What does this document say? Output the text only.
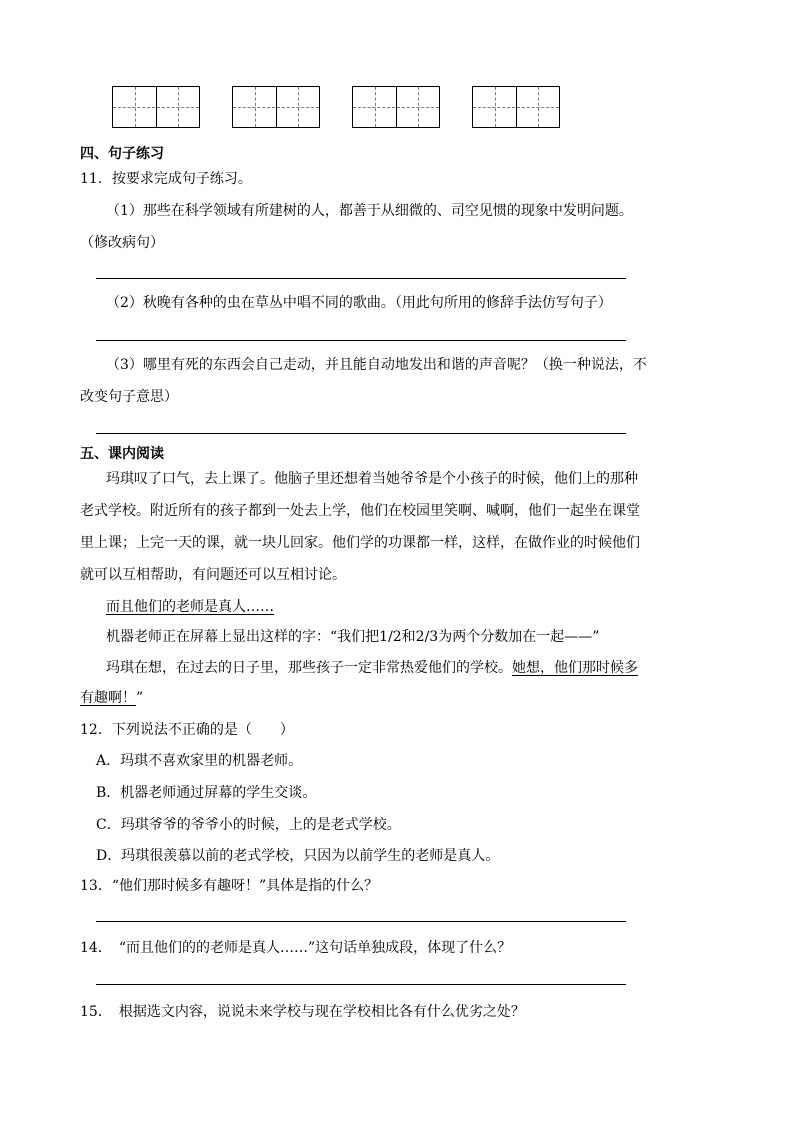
四、句子练习
11．按要求完成句子练习。
（1）那些在科学领域有所建树的人，都善于从细微的、司空见惯的现象中发明问题。
（修改病句）
（2）秋晚有各种的虫在草丛中唱不同的歌曲。（用此句所用的修辞手法仿写句子）
（3）哪里有死的东西会自己走动，并且能自动地发出和谐的声音呢？（换一种说法，不
改变句子意思）
五、课内阅读
玛琪叹了口气，去上课了。他脑子里还想着当她爷爷是个小孩子的时候，他们上的那种
老式学校。附近所有的孩子都到一处去上学，他们在校园里笑啊、喊啊，他们一起坐在课堂
里上课；上完一天的课，就一块儿回家。他们学的功课都一样，这样，在做作业的时候他们
就可以互相帮助，有问题还可以互相讨论。
而且他们的老师是真人……
机器老师正在屏幕上显出这样的字：“我们把1/2和2/3为两个分数加在一起——”
玛琪在想，在过去的日子里，那些孩子一定非常热爱他们的学校。她想，他们那时候多
有趣啊！”
12．下列说法不正确的是（　　）
A．玛琪不喜欢家里的机器老师。
B．机器老师通过屏幕的学生交谈。
C．玛琪爷爷的爷爷小的时候，上的是老式学校。
D．玛琪很羡慕以前的老式学校，只因为以前学生的老师是真人。
13．“他们那时候多有趣呀！”具体是指的什么？
14．　“而且他们的的老师是真人……”这句话单独成段，体现了什么？
15．　根据选文内容，说说未来学校与现在学校相比各有什么优劣之处？
